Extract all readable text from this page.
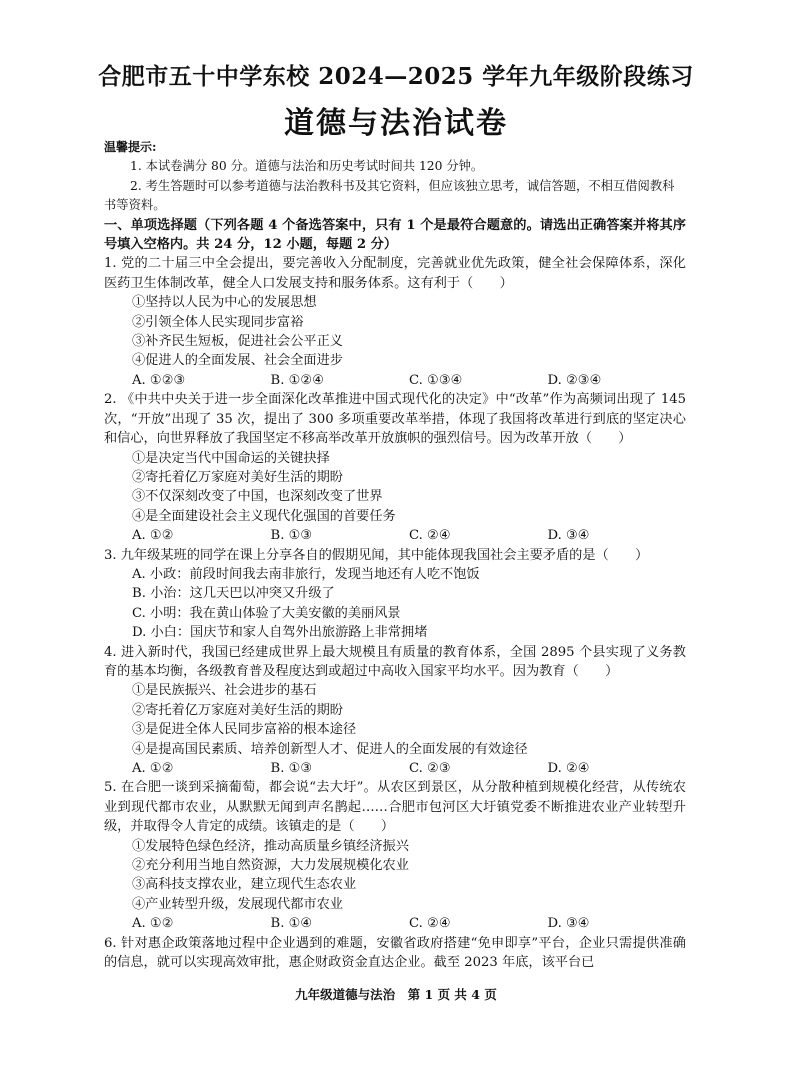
合肥市五十中学东校 2024—2025 学年九年级阶段练习
道德与法治试卷

温馨提示:

1. 本试卷满分 80 分。道德与法治和历史考试时间共 120 分钟。

2. 考生答题时可以参考道德与法治教科书及其它资料，但应该独立思考，诚信答题，不相互借阅教科书等资料。

一、单项选择题（下列各题 4 个备选答案中，只有 1 个是最符合题意的。请选出正确答案并将其序号填入空格内。共 24 分，12 小题，每题 2 分）

1. 党的二十届三中全会提出，要完善收入分配制度，完善就业优先政策，健全社会保障体系，深化医药卫生体制改革，健全人口发展支持和服务体系。这有利于（　　）

①坚持以人民为中心的发展思想

②引领全体人民实现同步富裕

③补齐民生短板，促进社会公平正义

④促进人的全面发展、社会全面进步

A. ①②③	B. ①②④	C. ①③④	D. ②③④

2. 《中共中央关于进一步全面深化改革推进中国式现代化的决定》中“改革”作为高频词出现了 145 次，“开放”出现了 35 次，提出了 300 多项重要改革举措，体现了我国将改革进行到底的坚定决心和信心，向世界释放了我国坚定不移高举改革开放旗帜的强烈信号。因为改革开放（　　）

①是决定当代中国命运的关键抉择

②寄托着亿万家庭对美好生活的期盼

③不仅深刻改变了中国，也深刻改变了世界

④是全面建设社会主义现代化强国的首要任务

A. ①②	B. ①③	C. ②④	D. ③④

3. 九年级某班的同学在课上分享各自的假期见闻，其中能体现我国社会主要矛盾的是（　　）

A. 小政：前段时间我去南非旅行，发现当地还有人吃不饱饭

B. 小治：这几天巴以冲突又升级了

C. 小明：我在黄山体验了大美安徽的美丽风景

D. 小白：国庆节和家人自驾外出旅游路上非常拥堵

4. 进入新时代，我国已经建成世界上最大规模且有质量的教育体系，全国 2895 个县实现了义务教育的基本均衡，各级教育普及程度达到或超过中高收入国家平均水平。因为教育（　　）

①是民族振兴、社会进步的基石

②寄托着亿万家庭对美好生活的期盼

③是促进全体人民同步富裕的根本途径

④是提高国民素质、培养创新型人才、促进人的全面发展的有效途径

A. ①②	B. ①③	C. ②③	D. ②④

5. 在合肥一谈到采摘葡萄，都会说“去大圩”。从农区到景区，从分散种植到规模化经营，从传统农业到现代都市农业，从默默无闻到声名鹊起……合肥市包河区大圩镇党委不断推进农业产业转型升级，并取得令人肯定的成绩。该镇走的是（　　）

①发展特色绿色经济，推动高质量乡镇经济振兴

②充分利用当地自然资源，大力发展规模化农业

③高科技支撑农业，建立现代生态农业

④产业转型升级，发展现代都市农业

A. ①②	B. ①④	C. ②④	D. ③④

6. 针对惠企政策落地过程中企业遇到的难题，安徽省政府搭建“免申即享”平台，企业只需提供准确的信息，就可以实现高效审批，惠企财政资金直达企业。截至 2023 年底，该平台已

九年级道德与法治　第 1 页 共 4 页
